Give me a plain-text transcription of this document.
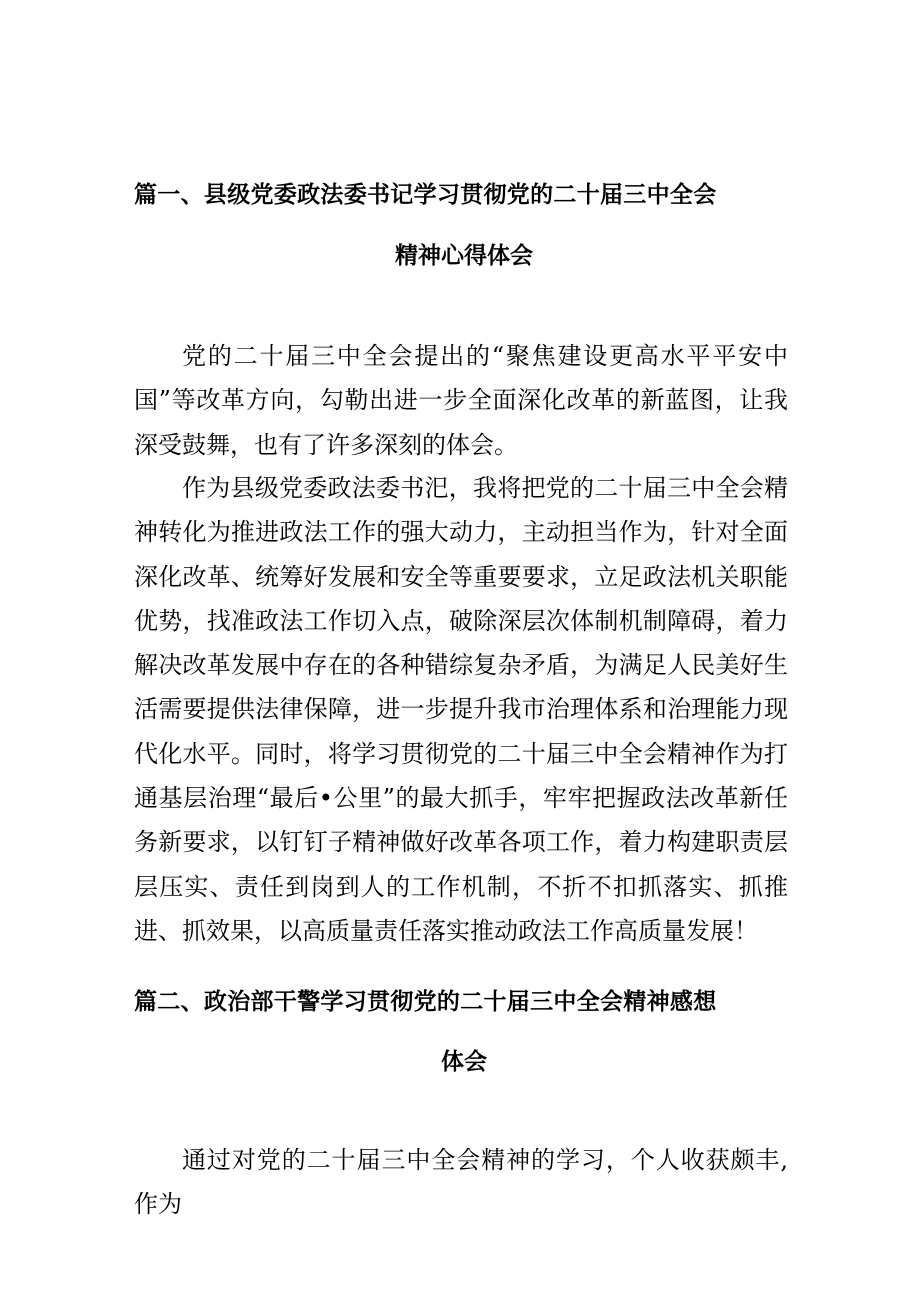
篇一、县级党委政法委书记学习贯彻党的二十届三中全会
精神心得体会

党的二十届三中全会提出的“聚焦建设更高水平平安中国”等改革方向，勾勒出进一步全面深化改革的新蓝图，让我深受鼓舞，也有了许多深刻的体会。

作为县级党委政法委书汜，我将把党的二十届三中全会精神转化为推进政法工作的强大动力，主动担当作为，针对全面深化改革、统筹好发展和安全等重要要求，立足政法机关职能优势，找准政法工作切入点，破除深层次体制机制障碍，着力解决改革发展中存在的各种错综复杂矛盾，为满足人民美好生活需要提供法律保障，进一步提升我市治理体系和治理能力现代化水平。同时，将学习贯彻党的二十届三中全会精神作为打通基层治理“最后•公里”的最大抓手，牢牢把握政法改革新任务新要求，以钉钉子精神做好改革各项工作，着力构建职责层层压实、责任到岗到人的工作机制，不折不扣抓落实、抓推进、抓效果，以高质量责任落实推动政法工作高质量发展！

篇二、政治部干警学习贯彻党的二十届三中全会精神感想
体会

通过对党的二十届三中全会精神的学习，个人收获颇丰,作为
